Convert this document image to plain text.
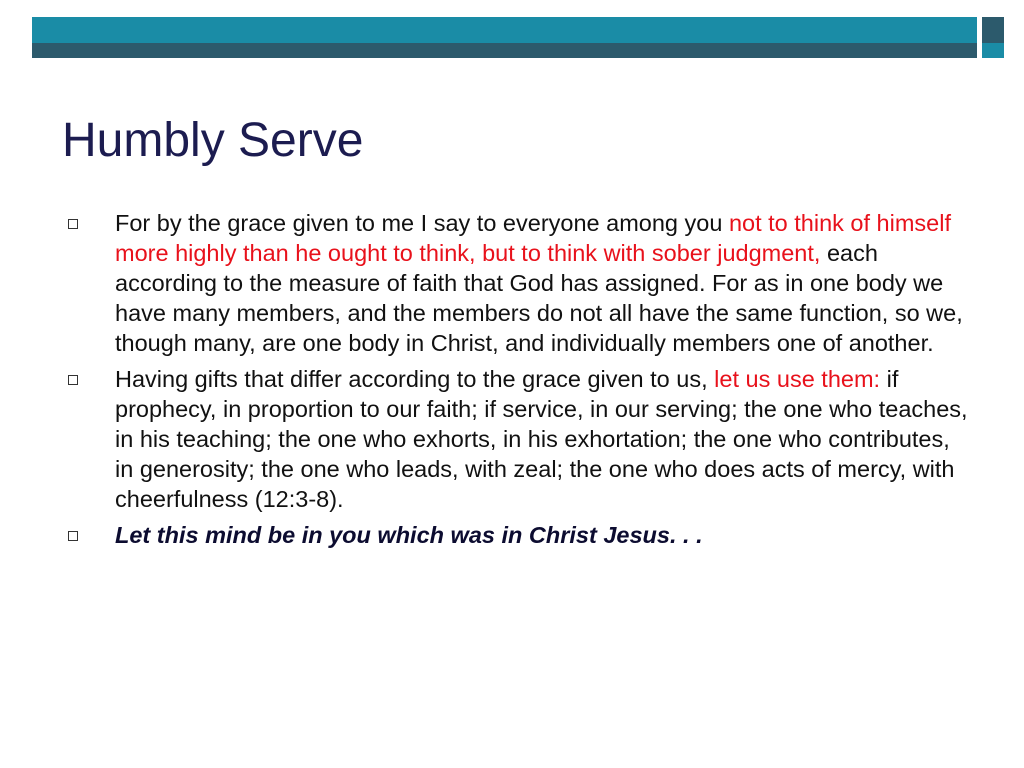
Humbly Serve
For by the grace given to me I say to everyone among you not to think of himself more highly than he ought to think, but to think with sober judgment, each according to the measure of faith that God has assigned. For as in one body we have many members, and the members do not all have the same function, so we, though many, are one body in Christ, and individually members one of another.
Having gifts that differ according to the grace given to us, let us use them: if prophecy, in proportion to our faith; if service, in our serving; the one who teaches, in his teaching; the one who exhorts, in his exhortation; the one who contributes, in generosity; the one who leads, with zeal; the one who does acts of mercy, with cheerfulness (12:3-8).
Let this mind be in you which was in Christ Jesus. . .
